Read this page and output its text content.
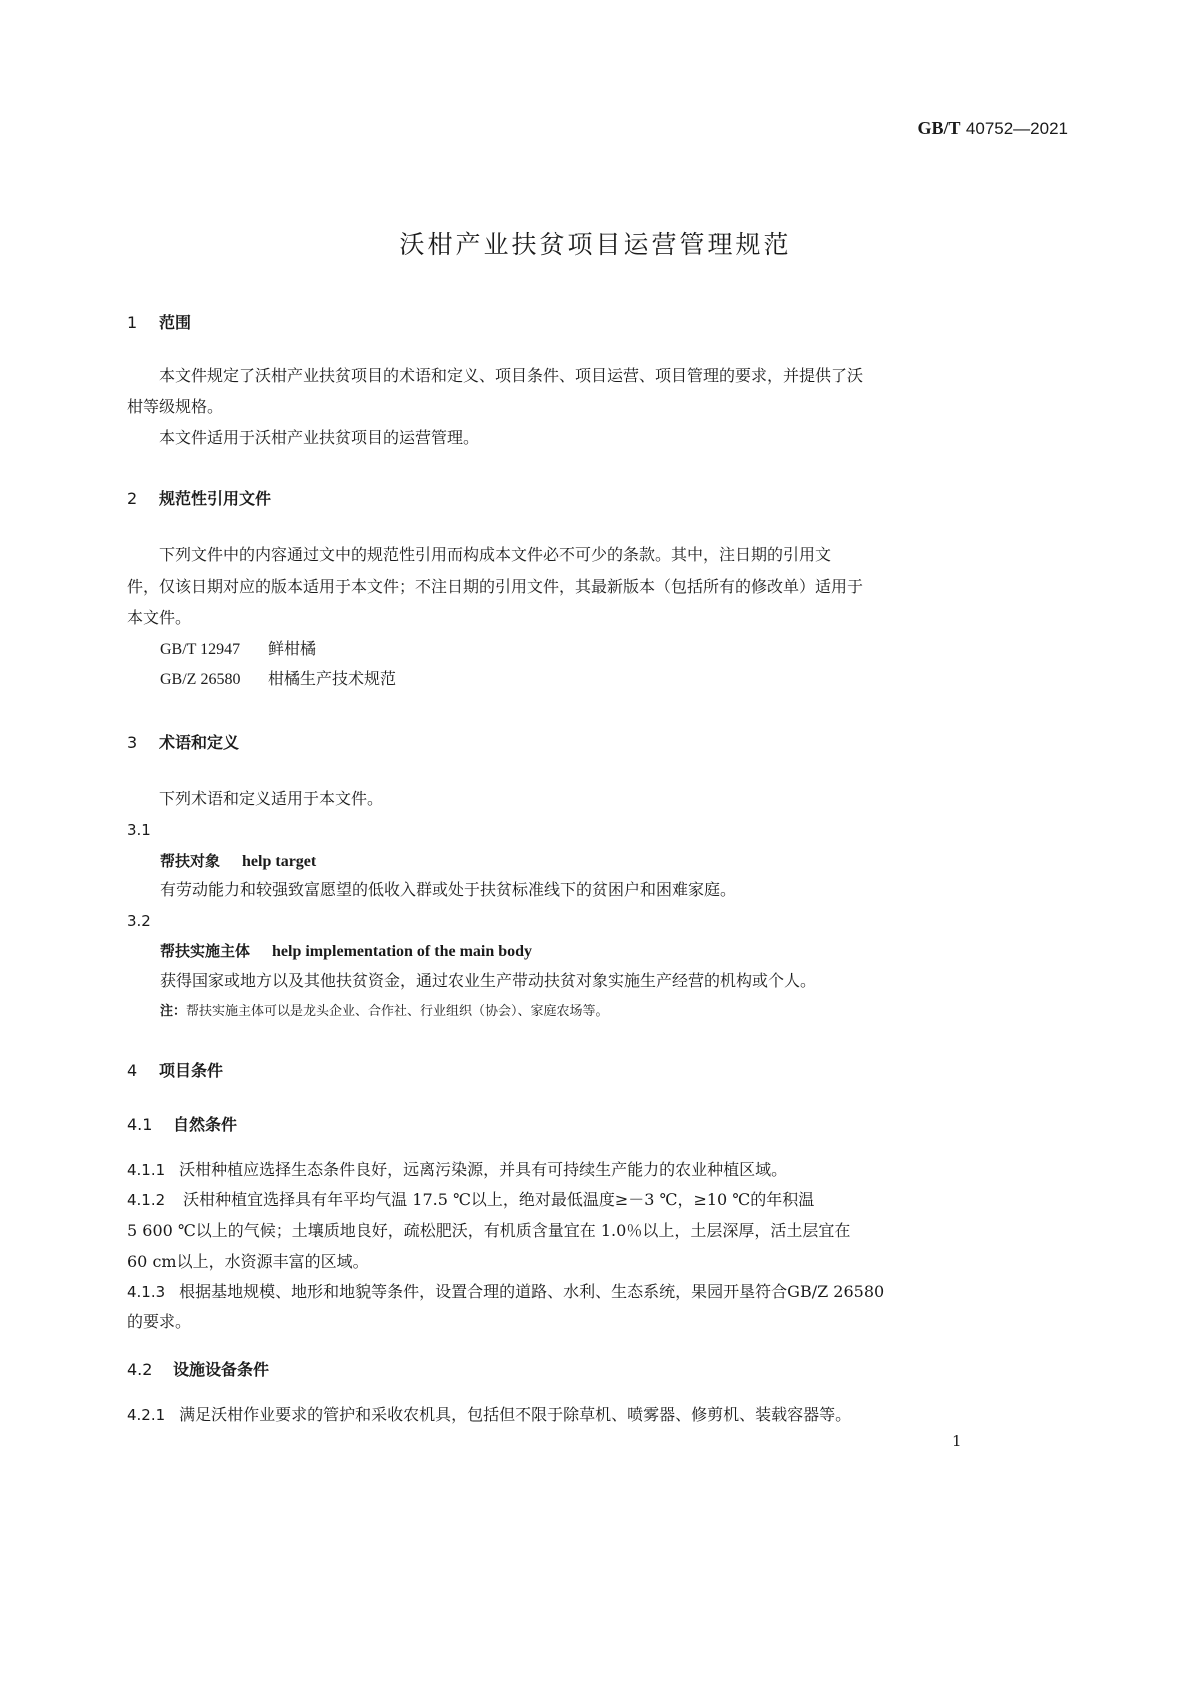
GB/T 40752—2021
沃柑产业扶贫项目运营管理规范
1 范围
本文件规定了沃柑产业扶贫项目的术语和定义、项目条件、项目运营、项目管理的要求，并提供了沃
柑等级规格。
本文件适用于沃柑产业扶贫项目的运营管理。
2 规范性引用文件
下列文件中的内容通过文中的规范性引用而构成本文件必不可少的条款。其中，注日期的引用文
件，仅该日期对应的版本适用于本文件；不注日期的引用文件，其最新版本（包括所有的修改单）适用于
本文件。
GB/T 12947 鲜柑橘
GB/Z 26580 柑橘生产技术规范
3 术语和定义
下列术语和定义适用于本文件。
3.1
帮扶对象 help target
有劳动能力和较强致富愿望的低收入群或处于扶贫标准线下的贫困户和困难家庭。
3.2
帮扶实施主体 help implementation of the main body
获得国家或地方以及其他扶贫资金，通过农业生产带动扶贫对象实施生产经营的机构或个人。
注：帮扶实施主体可以是龙头企业、合作社、行业组织（协会）、家庭农场等。
4 项目条件
4.1 自然条件
4.1.1 沃柑种植应选择生态条件良好，远离污染源，并具有可持续生产能力的农业种植区域。
4.1.2 沃柑种植宜选择具有年平均气温 17.5 ℃以上，绝对最低温度≥－3 ℃，≥10 ℃的年积温
5 600 ℃以上的气候；土壤质地良好，疏松肥沃，有机质含量宜在 1.0％以上，土层深厚，活土层宜在
60 cm以上，水资源丰富的区域。
4.1.3 根据基地规模、地形和地貌等条件，设置合理的道路、水利、生态系统，果园开垦符合GB/Z 26580
的要求。
4.2 设施设备条件
4.2.1 满足沃柑作业要求的管护和采收农机具，包括但不限于除草机、喷雾器、修剪机、装载容器等。
1
